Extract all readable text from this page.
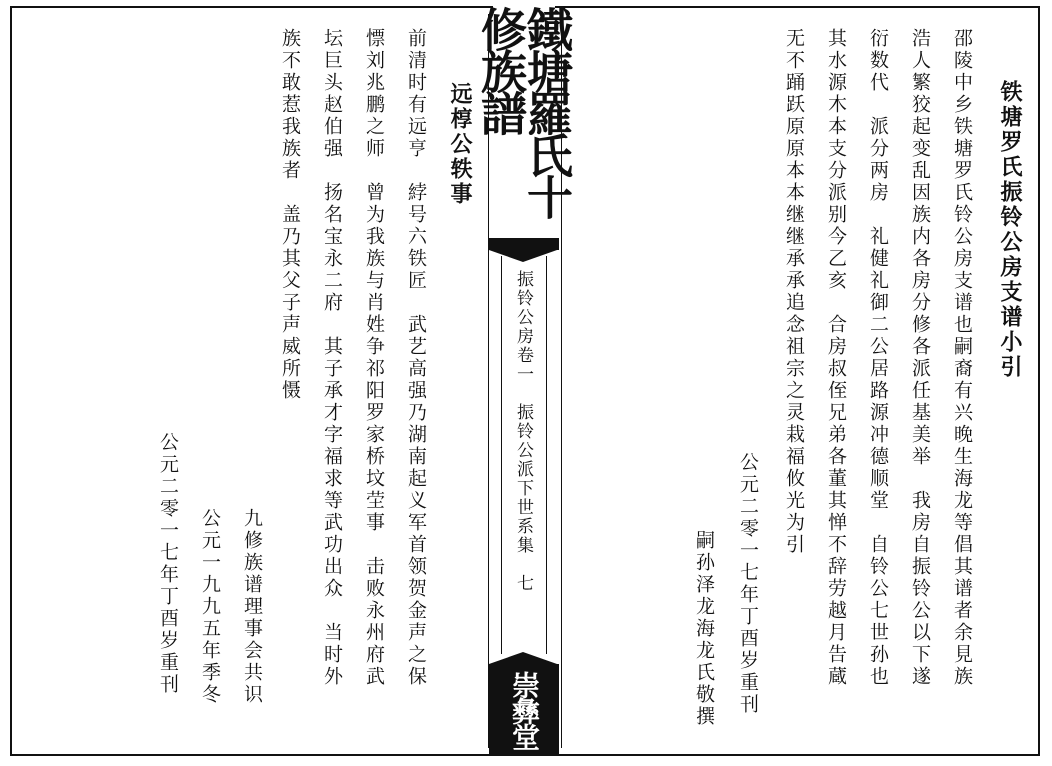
鐵塘羅氏十修族譜
振铃公房卷一　振铃公派下世系集
七
崇彝堂
铁塘罗氏振铃公房支谱小引
邵陵中乡铁塘罗氏铃公房支谱也嗣裔有兴晚生海龙等倡其谱者余見族
浩人繁狡起变乱因族内各房分修各派任基美举　我房自振铃公以下遂
衍数代　派分两房　礼健礼御二公居路源冲德顺堂　自铃公七世孙也
其水源木本支分派别今乙亥　合房叔侄兄弟各董其惮不辞劳越月告蔵
无不踊跃原原本本继继承承追念祖宗之灵栽福攸光为引
公元二零一七年丁酉岁重刊
嗣孙泽龙海龙氏敬撰
远椁公轶事
前清时有远亨　綍号六铁匠　武艺高强乃湖南起义军首领贺金声之保
慓刘兆鹏之师　曾为我族与肖姓争祁阳罗家桥坟茔事　击败永州府武
坛巨头赵伯强　扬名宝永二府　其子承才字福求等武功出众　当时外
族不敢惹我族者　盖乃其父子声威所慑
九修族谱理事会共识
公元一九九五年季冬
公元二零一七年丁酉岁重刊
